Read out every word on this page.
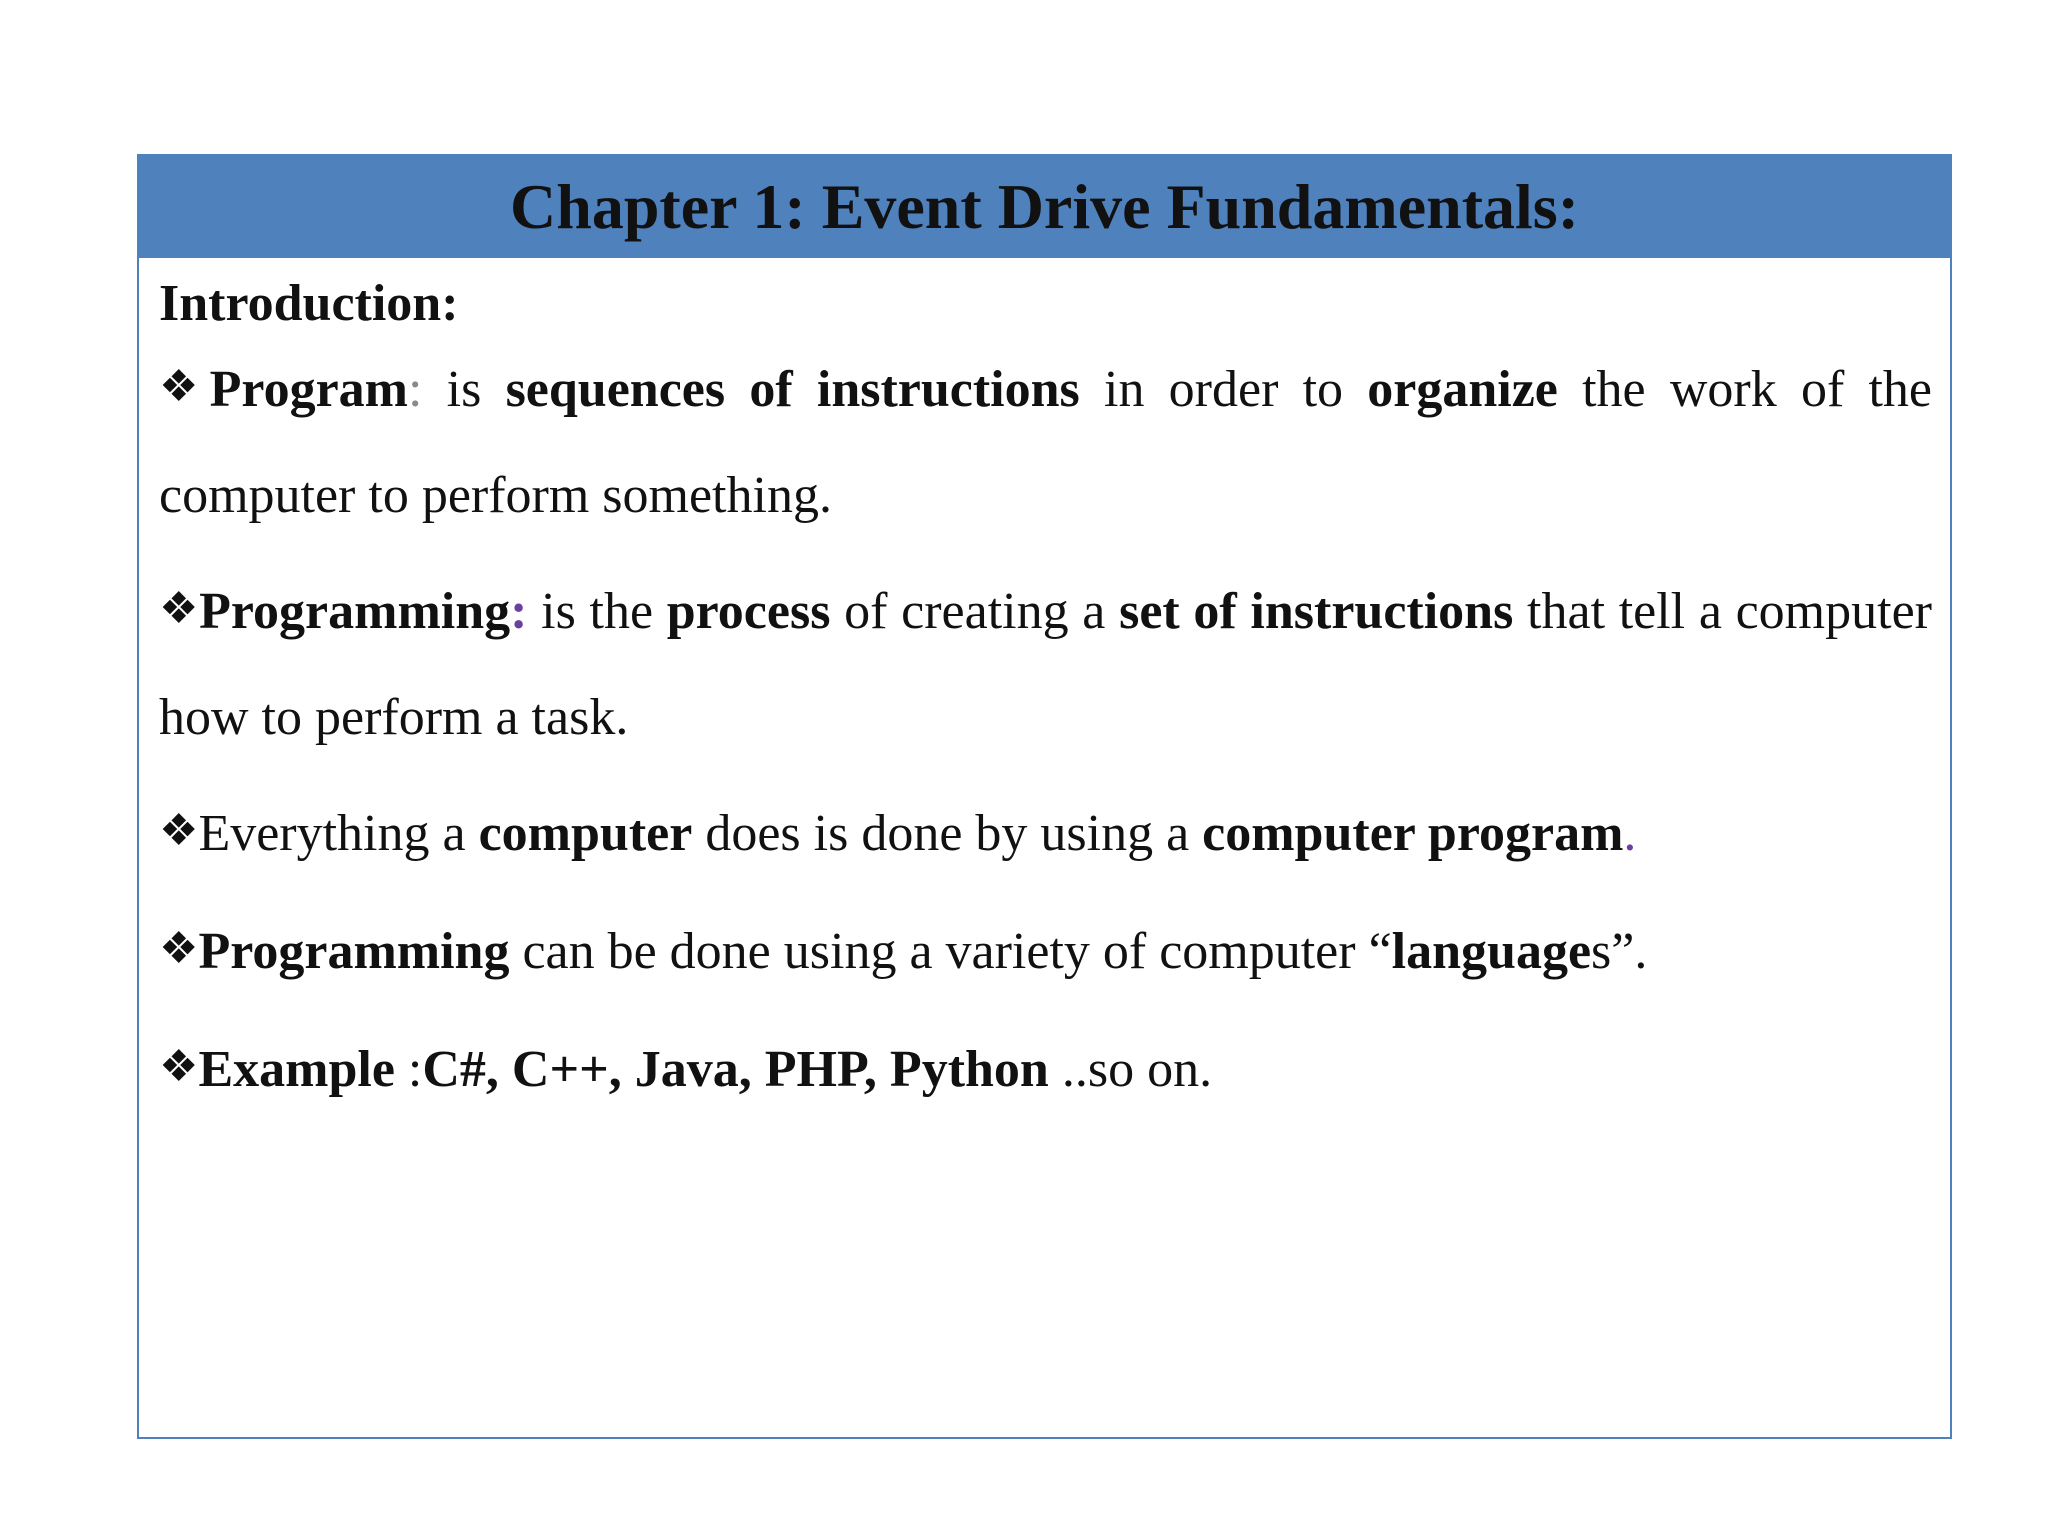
Chapter 1: Event Drive Fundamentals:
Introduction:

❖Program: is sequences of instructions in order to organize the work of the computer to perform something.

❖Programming: is the process of creating a set of instructions that tell a computer how to perform a task.

❖Everything a computer does is done by using a computer program.

❖Programming can be done using a variety of computer “languages”.

❖Example :C#, C++, Java, PHP, Python ..so on.
